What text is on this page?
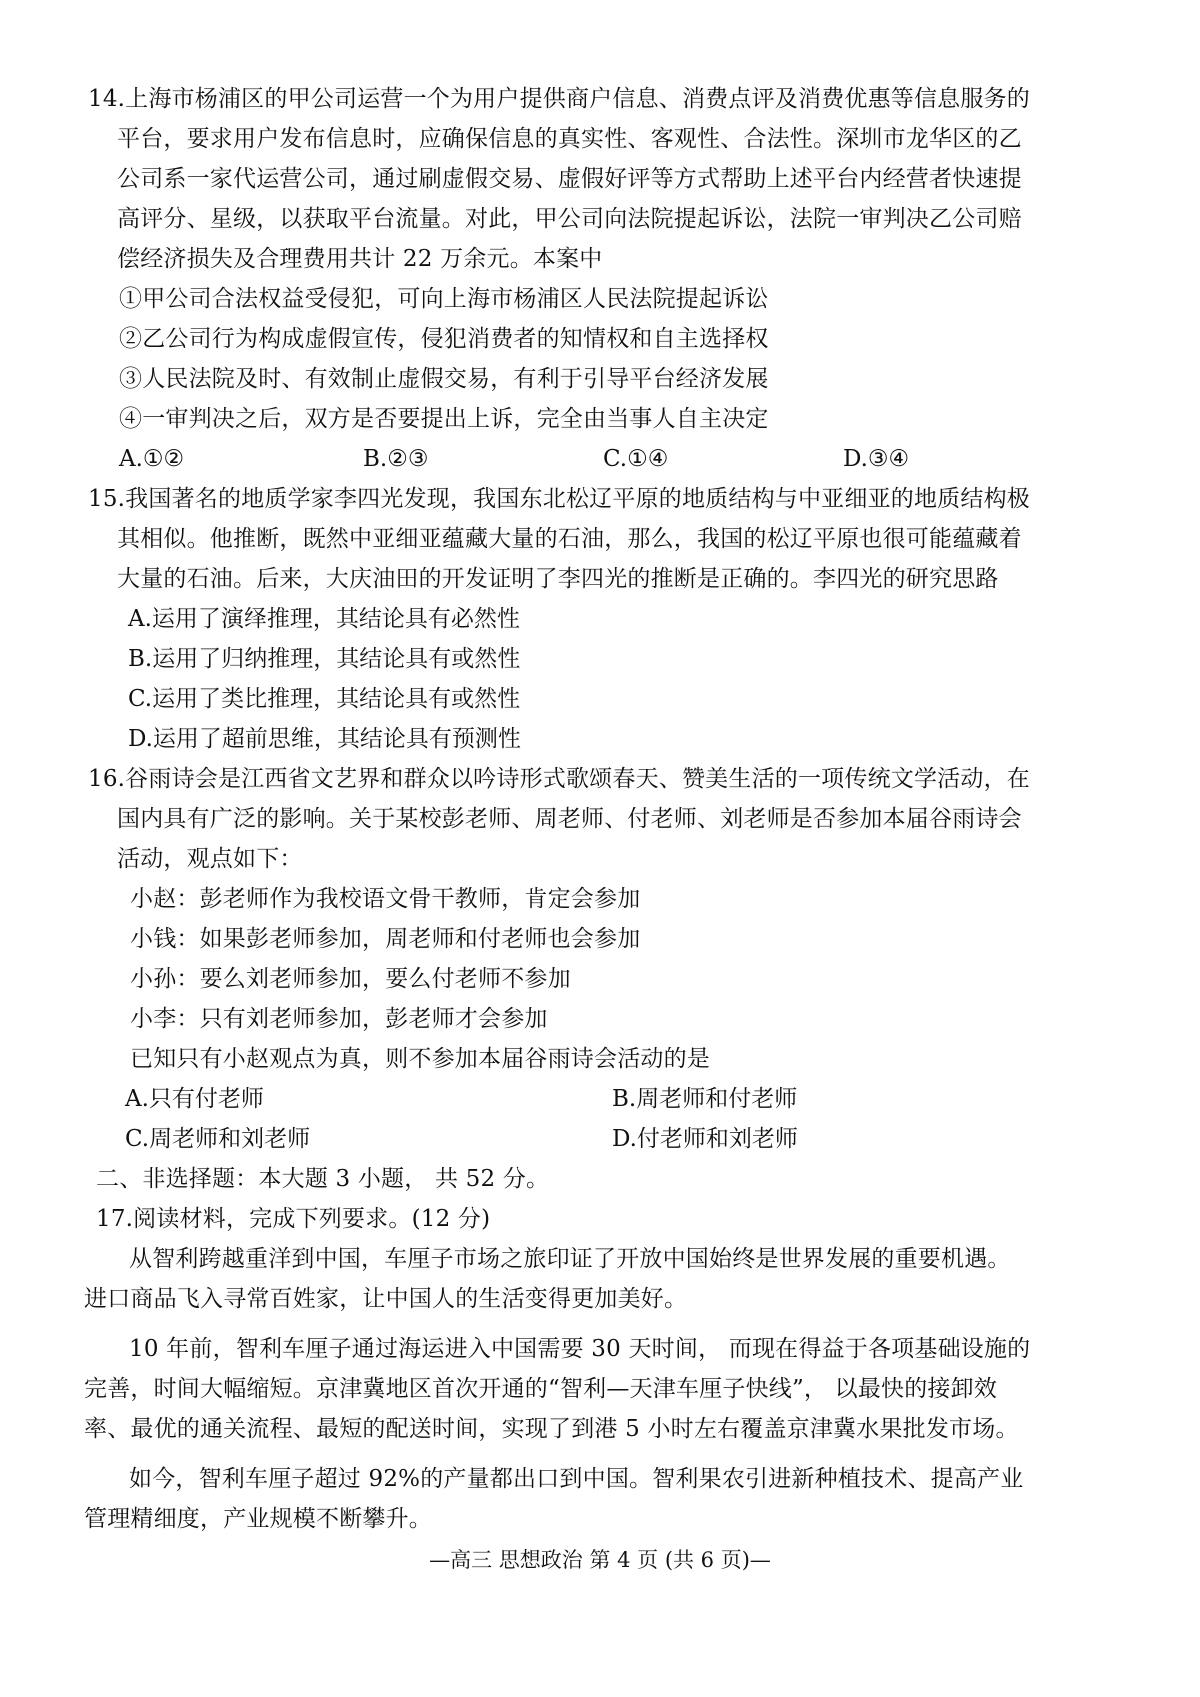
14.上海市杨浦区的甲公司运营一个为用户提供商户信息、消费点评及消费优惠等信息服务的
平台，要求用户发布信息时，应确保信息的真实性、客观性、合法性。深圳市龙华区的乙
公司系一家代运营公司，通过刷虚假交易、虚假好评等方式帮助上述平台内经营者快速提
高评分、星级，以获取平台流量。对此，甲公司向法院提起诉讼，法院一审判决乙公司赔
偿经济损失及合理费用共计 22 万余元。本案中
①甲公司合法权益受侵犯，可向上海市杨浦区人民法院提起诉讼
②乙公司行为构成虚假宣传，侵犯消费者的知情权和自主选择权
③人民法院及时、有效制止虚假交易，有利于引导平台经济发展
④一审判决之后，双方是否要提出上诉，完全由当事人自主决定
A.①②	B.②③	C.①④	D.③④
15.我国著名的地质学家李四光发现，我国东北松辽平原的地质结构与中亚细亚的地质结构极
其相似。他推断，既然中亚细亚蕴藏大量的石油，那么，我国的松辽平原也很可能蕴藏着
大量的石油。后来，大庆油田的开发证明了李四光的推断是正确的。李四光的研究思路
A.运用了演绎推理，其结论具有必然性
B.运用了归纳推理，其结论具有或然性
C.运用了类比推理，其结论具有或然性
D.运用了超前思维，其结论具有预测性
16.谷雨诗会是江西省文艺界和群众以吟诗形式歌颂春天、赞美生活的一项传统文学活动，在
国内具有广泛的影响。关于某校彭老师、周老师、付老师、刘老师是否参加本届谷雨诗会
活动，观点如下：
小赵：彭老师作为我校语文骨干教师，肯定会参加
小钱：如果彭老师参加，周老师和付老师也会参加
小孙：要么刘老师参加，要么付老师不参加
小李：只有刘老师参加，彭老师才会参加
已知只有小赵观点为真，则不参加本届谷雨诗会活动的是
A.只有付老师	B.周老师和付老师
C.周老师和刘老师	D.付老师和刘老师
二、非选择题：本大题 3 小题， 共 52 分。
17.阅读材料，完成下列要求。(12 分)
从智利跨越重洋到中国，车厘子市场之旅印证了开放中国始终是世界发展的重要机遇。
进口商品飞入寻常百姓家，让中国人的生活变得更加美好。
10 年前，智利车厘子通过海运进入中国需要 30 天时间， 而现在得益于各项基础设施的
完善，时间大幅缩短。京津冀地区首次开通的“智利—天津车厘子快线”， 以最快的接卸效
率、最优的通关流程、最短的配送时间，实现了到港 5 小时左右覆盖京津冀水果批发市场。
如今，智利车厘子超过 92%的产量都出口到中国。智利果农引进新种植技术、提高产业
管理精细度，产业规模不断攀升。
—高三 思想政治 第 4 页 (共 6 页)—
